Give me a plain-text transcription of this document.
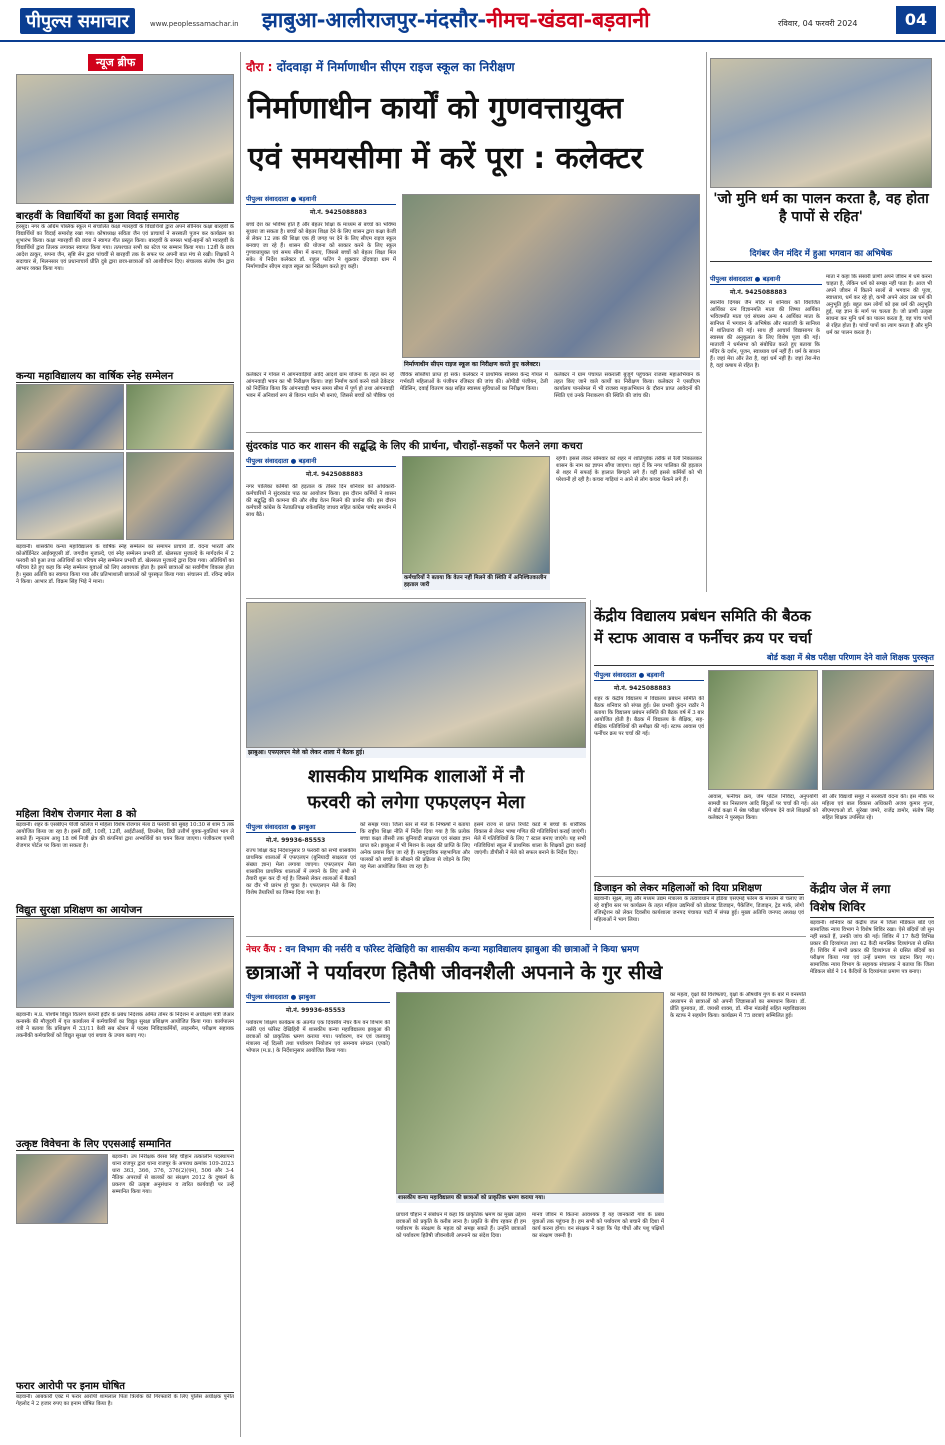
पीपुल्स समाचार	www.peoplessamachar.in झाबुआ-आलीराजपुर-मंदसौर-नीमच-खंडवा-बड़वानी	रविवार, 04 फरवरी 2024	04
न्यूज ब्रीफ
बारहवीं के विद्यार्थियों का हुआ विदाई समारोह
हरसूद। नगर के अग्रिम पब्लिक स्कूल में संचालित कक्षा ग्यारहवीं के विद्यार्थियों द्वारा अपने सीनियर कक्षा बारहवीं के विद्यार्थियों का विदाई समारोह रखा गया। कोषाध्यक्ष सविता जैन एवं प्राचार्या ने सरस्वती पूजन कर कार्यक्रम का शुभारंभ किया। कक्षा ग्यारहवीं की छात्रा ने स्वागत गीत प्रस्तुत किया। बारहवीं के समस्त भाई-बहनों को ग्यारहवीं के विद्यार्थियों द्वारा तिलक लगाकर स्वागत किया गया। तत्पश्चात सभी का स्टेज पर सम्मान किया गया। 12वीं के छात्र आदेश ठाकुर, सपना जैन, सृष्टि सेन द्वारा पांचवीं से बारहवीं तक के सफर पर अपनी बात मंच से रखी। शिक्षकों ने सदाचार से, मिलनसार एवं प्रधानाचार्य प्रीति दुबे द्वारा छात्र-छात्राओं को आशीर्वचन दिए। संचालक संतोष जैन द्वारा आभार व्यक्त किया गया।
कन्या महाविद्यालय का वार्षिक स्नेह सम्मेलन
बड़वानी। शासकीय कन्या महाविद्यालय के वार्षिक स्नेह सम्मेलन का समापन प्राचार्य डॉ. वंदना भारती और कोऑर्डिनेटर आईक्यूएसी डॉ. जगदीश मुजाल्दे, एवं स्नेह सम्मेलन प्रभारी डॉ. खेलसता मुजाल्दे के मार्गदर्शन में 2 फरवरी को हुआ तथा अतिथियों का परिचय स्नेह सम्मेलन प्रभारी डॉ. खेलसता मुजाल्दे द्वारा दिया गया। अतिथियों का परिचय देते हुए कहा कि स्नेह सम्मेलन युवाओं को लिए आवश्यक होता है। इसमें छात्राओं का सर्वांगीण विकास होता है। मुख्य अतिथि का स्वागत किया गया और प्रतिभाशाली छात्राओं को पुरस्कृत किया गया। संचालन डॉ. रविन्द्र बघेल ने किया। आभार डॉ. विक्रम सिंह भिड़े ने माना।
महिला विशेष रोजगार मेला 8 को
बड़वानी। शहर के एसबीएन पीजी कॉलेज में महिला विशेष रोजगार मेला 8 फरवरी को सुबह 10:30 से शाम 5 तक आयोजित किया जा रहा है। इसमें 8वीं, 10वीं, 12वीं, आईटीआई, डिप्लोमा, डिग्री उत्तीर्ण युवक-युवतियां भाग ले सकते हैं। न्यूनतम आयु 18 वर्ष निजी क्षेत्र की कंपनियां द्वारा अभ्यर्थियों का चयन किया जाएगा। पंजीकरण एमपी रोजगार पोर्टल पर किया जा सकता है।
विद्युत सुरक्षा प्रशिक्षण का आयोजन
बड़वानी। म.प्र. पश्चिम विद्युत वितरण कंपनी इंदौर के प्रबंध निदेशक अमित तोमर के निर्देशन में अधीक्षण यंत्री जेआर कनास्के की मौजूदगी में वृत्त कार्यालय में कर्मचारियों का विद्युत सुरक्षा प्रशिक्षण आयोजित किया गया। कार्यपालन यंत्री ने बताया कि प्रशिक्षण में 33/11 केवी सब स्टेशन में पदस्थ निविदाकर्मियों, लाइनमैन, परीक्षण सहायक तकनीकी कर्मचारियों को विद्युत सुरक्षा एवं बचाव के उपाय बताए गए।
उत्कृष्ट विवेचना के लिए एएसआई सम्मानित
बड़वानी। उप निरीक्षक वेरसा सिंह चौहान तत्कालीन पदस्थापना थाना राजपुर द्वारा थाना राजपुर के अपराध क्रमांक 109-2023 धारा 363, 366, 376, 376(2)(एन), 506 और 3-4 नैतिक अपराधों से बालकों का संरक्षण 2012 के दुष्कर्म के प्रकरण की उत्कृष्ट अनुसंधान व त्वरित कार्यवाही पर उन्हें सम्मानित किया गया।
फरार आरोपी पर इनाम घोषित
बड़वानी। आबकारी एक्ट में फरार आरोपी शामलाल पिता त्रिलोक की गिरफ्तारी के लिए पुलिस अधीक्षक पुनीत गेहलोद ने 2 हजार रुपए का इनाम घोषित किया है।
दौरा : दोंदवाड़ा में निर्माणाधीन सीएम राइज स्कूल का निरीक्षण
निर्माणाधीन कार्यों को गुणवत्तायुक्त
एवं समयसीमा में करें पूरा : कलेक्टर
पीपुल्स संवाददाता ● बड़वानी
मो.नं. 9425088883
बच्चे देश का भविष्य होते हैं और बेहतर शिक्षा के माध्यम से बच्चों का भविष्य सुधारा जा सकता है। बच्चों को बेहतर शिक्षा देने के लिए शासन द्वारा कक्षा केजी से लेकर 12 तक की शिक्षा एक ही जगह पर देने के लिए सीएम राइज स्कूल बनवाए जा रहे हैं। शासन की योजना को साकार करने के लिए स्कूल गुणवत्तायुक्त एवं समय सीमा में बनाए, जिससे बच्चों को बेहतर शिक्षा मिल सके। ये निर्देश कलेक्टर डॉ. राहुल फटिंग ने शुक्रवार दोंदवाड़ा ग्राम में निर्माणाधीन सीएम राइज स्कूल का निरीक्षण करते हुए कही।
निर्माणाधीन सीएम राइज स्कूल का निरीक्षण करते हुए कलेक्टर।
कलेक्टर ने गोयल में आंगनवाड़ियों आदि आदर्श ग्राम योजना के तहत बन रहे आंगनवाड़ी भवन का भी निरीक्षण किया। जहां निर्माण कार्य करने वाले ठेकेदार को निर्देशित किया कि आंगनवाड़ी भवन समय सीमा में पूर्ण हो तथा आंगनवाड़ी भवन में अनिवार्य रूप से किचन गार्डन भी बनाएं, जिससे बच्चों को पौष्टिक एवं जैविक सब्जियां प्राप्त हो सके। कलेक्टर ने प्राथमिक स्वास्थ्य केन्द्र गोयल में गर्भवती महिलाओं के पंजीयन रजिस्टर की जांच की। ओपीडी पंजीयन, टेली मेडिसिन, दवाई वितरण कक्ष सहित स्वास्थ्य सुविधाओं का निरीक्षण किया।
कलेक्टर ने ग्राम पंचायत सकराली बुजुर्ग पहुंचकर राजस्व महाअभियान के तहत किए जाने वाले कार्यों का निरीक्षण किया। कलेक्टर ने एसडीएम कार्यालय पानसेमल में भी राजस्व महाअभियान के दौरान प्राप्त आवेदनों की स्थिति एवं उनके निराकरण की स्थिति की जांच की।
'जो मुनि धर्म का पालन करता है, वह होता है पापों से रहित'
दिगंबर जैन मंदिर में हुआ भगवान का अभिषेक
पीपुल्स संवाददाता ● बड़वानी
मो.नं. 9425088883
स्थानीय दिगंबर जैन मंदिर में शनिवार को विराजित आर्यिका रत्न विज्ञानमति माता की शिष्या आर्यिका भविजमति माता एवं संघस्थ अन्य 4 आर्यिका माता के सानिध्य में भगवान के अभिषेक और माताजी के सानिध्य में शांतिधारा की गई। साथ ही आचार्य विद्यासागर के स्वास्थ्य की अनुकूलता के लिए विशेष पूजा की गई। माताजी ने धर्मसभा को संबोधित करते हुए बताया कि मंदिर के दर्शन, पूजन, स्वाध्याय धर्म नहीं हैं। धर्म के साधन हैं। जहां मेरा और तेरा है, वहां धर्म नहीं है। जहां तेरा-मेरा है, वहां कषाय से रहित है।
माता ने कहा कि संसारी प्राणी अपने जीवन में धर्म करना चाहता है, लेकिन धर्म को समझ नहीं पाता है। आज भी अपने जीवन में कितने सालों से भगवान की पूजा, स्वाध्याय, धर्म कर रहे हो, कभी अपने अंदर उस धर्म की अनुभूति हुई। बहुत कम लोगों को इस धर्म की अनुभूति हुई, यह ज्ञान के मार्ग पर चलता है। जो प्राणी उत्कृष्ट साधना कर मुनि धर्म का पालन करता है, वह पांच पापों से रहित होता है। पांचों पापों का त्याग करता है और मुनि धर्म का पालन करता है।
सुंदरकांड पाठ कर शासन की सद्बुद्धि के लिए की प्रार्थना, चौराहों-सड़कों पर फैलने लगा कचरा
पीपुल्स संवाददाता ● बड़वानी
मो.नं. 9425088883
नगर पालिका कर्मियों की हड़ताल के तीसरे दिन शनिवार को अधिकारी-कर्मचारियों ने सुंदरकांड पाठ का आयोजन किया। इस दौरान कर्मियों ने शासन की सद्बुद्धि की कामना की और शीघ्र वेतन मिलने की प्रार्थना की। इस दौरान कर्मचारी कांग्रेस के नेताप्रतिपक्ष राकेशसिंह जाधव सहित कांग्रेस पार्षद समर्थन में साथ बैठे।
कर्मचारियों ने बताया कि वेतन नहीं मिलने की स्थिति में अनिश्चितकालीन हड़ताल जारी
रहेगी। इससे लेकर सोमवार को शहर में शांतिपूर्वक तरीके से रैली निकालकर शासन के नाम का ज्ञापन सौंपा जाएगा। वहां दें कि नगर पालिका की हड़ताल से शहर में सफाई के हालात बिगड़ने लगे हैं। वहीं इससे कर्मियों को भी परेशानी हो रही है। कचरा गाड़ियां न आने से लोग कचरा फेंकने लगे हैं।
झाबुआ। एफएलएन मेले को लेकर शाला में बैठक हुई।
शासकीय प्राथमिक शालाओं में नौ
फरवरी को लगेगा एफएलएन मेला
पीपुल्स संवाददाता ● झाबुआ
मो.नं. 99936-85553
राज्य शिक्षा केंद्र निर्देशानुसार 9 फरवरी को सभी शासकीय प्राथमिक शालाओं में एफएलएन (बुनियादी साक्षरता एवं संख्या ज्ञान) मेला लगाया जाएगा। एफएलएन मेला शासकीय प्राथमिक शालाओं में लगाने के लिए अभी से तैयारी शुरू कर दी गई है। जिससे लेकर शालाओं में बैठकों का दौर भी प्रारंभ हो चुका है। एफएलएन मेले के लिए विशेष तैयारियों का जिम्मा दिया गया है।
को समझ गया। जिला स्तर से मेले के निष्कर्षों ने बताया कि राष्ट्रीय शिक्षा नीति में निर्देश दिया गया है कि प्रत्येक बच्चा कक्षा तीसरी तक बुनियादी साक्षरता एवं संख्या ज्ञान प्राप्त करे। झाबुआ में भी मिशन के लक्ष्य की प्राप्ति के लिए अनेक प्रयास किए जा रहे हैं। सामुदायिक सहभागिता और पालकों को बच्चों के सीखने की प्रक्रिया से जोड़ने के लिए यह मेला आयोजित किया जा रहा है।
इसमें राज्य से प्राप्त रिपोर्ट कार्ड में बच्चों के शारीरिक विकास से लेकर भाषा गणित की गतिविधियां कराई जाएंगी। मेले में गतिविधियों के लिए 7 स्टाल बनाए जाएंगे। यह सभी गतिविधियां स्कूल में प्राथमिक शाला के शिक्षकों द्वारा कराई जाएंगी। डीपीसी ने मेले को सफल बनाने के निर्देश दिए।
केंद्रीय विद्यालय प्रबंधन समिति की बैठक
में स्टाफ आवास व फर्नीचर क्रय पर चर्चा
बोर्ड कक्षा में श्रेष्ठ परीक्षा परिणाम देने वाले शिक्षक पुरस्कृत
पीपुल्स संवाददाता ● बड़वानी
मो.नं. 9425088883
शहर के केंद्रीय विद्यालय में विद्यालय प्रबंधन समिति की बैठक शनिवार को संपन्न हुई। प्रेस प्रभारी कुंदन राठौर ने बताया कि विद्यालय प्रबंधन समिति की बैठक वर्ष में 3 बार आयोजित होती है। बैठक में विद्यालय के शैक्षिक, सह-शैक्षिक गतिविधियों की समीक्षा की गई। स्टाफ आवास एवं फर्नीचर क्रय पर चर्चा की गई।
आवास, फर्नीचर क्रय, जेम पोर्टल निविदा, अनुपयोगी सामग्री का निस्तारण आदि बिंदुओं पर चर्चा की गई। अंत में बोर्ड कक्षा में श्रेष्ठ परीक्षा परिणाम देने वाले शिक्षकों को कलेक्टर ने पुरस्कृत किया।
सी और विद्यार्थी समूह ने सरस्वती वंदना की। इस मौके पर महिला एवं बाल विकास अधिकारी अजय कुमार गुप्ता, सीएमएचओ डॉ. सुरेखा जमरे, राजेंद्र डामोर, संतोष सिंह सहित शिक्षक उपस्थित रहे।
डिजाइन को लेकर महिलाओं को दिया प्रशिक्षण
बड़वानी। सूक्ष्म, लघु और मध्यम उद्यम मंत्रालय के तत्वावधान में इंडिया एसएमई फोरम के माध्यम से चलाए जा रहे राष्ट्रीय स्तर पर कार्यक्रम के तहत महिला उद्यमियों को प्रोडक्ट डिजाइन, पैकेजिंग, डिजाइन, ट्रेड मार्क, लोगो रजिस्ट्रेशन को लेकर दिवसीय कार्यशाला जनपद पंचायत पाटी में संपन्न हुई। मुख्य अतिथि जनपद अध्यक्ष एवं महिलाओं ने भाग लिया।
केंद्रीय जेल में लगा
विशेष शिविर
बड़वानी। शनिवार को केंद्रीय जेल में जिला मेडिकल बोर्ड एवं सामाजिक न्याय विभाग ने विशेष शिविर रखा। ऐसे बंदियों जो सुन नहीं सकते हैं, उनकी जांच की गई। शिविर में 17 कैदी विभिन्न प्रकार की दिव्यांगता तथा 42 कैदी मानसिक दिव्यांगता से ग्रसित हैं। शिविर में सभी प्रकार की दिव्यांगता से ग्रसित बंदियों का परीक्षण किया गया एवं उन्हें प्रमाण पत्र प्रदान किए गए। सामाजिक न्याय विभाग के सहायक संचालक ने बताया कि जिला मेडिकल बोर्ड ने 14 कैदियों के दिव्यांगता प्रमाण पत्र बनाए।
नेचर कैंप : वन विभाग की नर्सरी व फॉरेस्ट देखिहिरी का शासकीय कन्या महाविद्यालय झाबुआ की छात्राओं ने किया भ्रमण
छात्राओं ने पर्यावरण हितैषी जीवनशैली अपनाने के गुर सीखे
पीपुल्स संवाददाता ● झाबुआ
मो.नं. 99936-85553
पर्यावरण शिक्षण कार्यक्रम के अंतर्गत एक दिवसीय नेचर कैंप वन विभाग की नर्सरी एवं फॉरेस्ट देखिहिरी में शासकीय कन्या महाविद्यालय झाबुआ की छात्राओं को प्राकृतिक भ्रमण कराया गया। पर्यावरण, वन एवं जलवायु मंत्रालय नई दिल्ली तथा पर्यावरण नियोजन एवं समन्वय संगठन (एप्को) भोपाल (म.प्र.) के निर्देशानुसार आयोजित किया गया।
शासकीय कन्या महाविद्यालय की छात्राओं को प्राकृतिक भ्रमण कराया गया।
प्राचार्य चौहान ने संबोधन में कहा कि प्राकृतिक भ्रमण का मुख्य उद्देश्य छात्राओं को प्रकृति के करीब लाना है। प्रकृति के बीच रहकर ही हम पर्यावरण के संरक्षण के महत्व को समझ सकते हैं। उन्होंने छात्राओं को पर्यावरण हितैषी जीवनशैली अपनाने का संदेश दिया।
मानव जीवन में कितना आवश्यक है यह जानकारी गांव के प्रबंध युवाओं तक पहुंचना है। हम सभी को पर्यावरण को बचाने की दिशा में कार्य करना होगा। वन संरक्षक ने कहा कि पेड़ पौधों और पशु पक्षियों का संरक्षण जरूरी है।
का महत्व, वृक्षों की विशेषताएं, वृक्षों के औषधीय गुण के बारे में वनस्पति अध्यापन से छात्राओं को अपनी जिज्ञासाओं का समाधान किया। डॉ. प्रीति कुमावत, डॉ. जयश्री शाक्य, डॉ. मीना मंडलोई सहित महाविद्यालय के स्टाफ ने सहयोग किया। कार्यक्रम में 75 छात्राएं सम्मिलित हुई।
